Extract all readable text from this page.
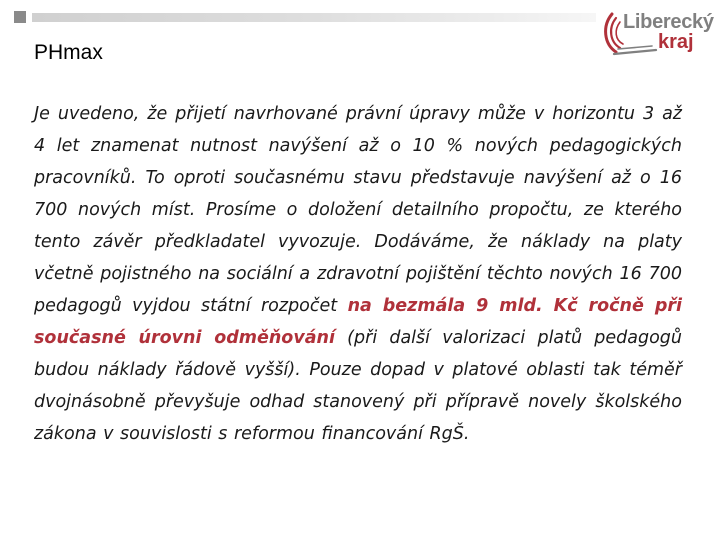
Liberecký
kraj
PHmax
Je uvedeno, že přijetí navrhované právní úpravy může v horizontu 3 až 4 let znamenat nutnost navýšení až o 10 % nových pedagogických pracovníků. To oproti současnému stavu představuje navýšení až o 16 700 nových míst. Prosíme o doložení detailního propočtu, ze kterého tento závěr předkladatel vyvozuje. Dodáváme, že náklady na platy včetně pojistného na sociální a zdravotní pojištění těchto nových 16 700 pedagogů vyjdou státní rozpočet na bezmála 9 mld. Kč ročně při současné úrovni odměňování (při další valorizaci platů pedagogů budou náklady řádově vyšší). Pouze dopad v platové oblasti tak téměř dvojnásobně převyšuje odhad stanovený při přípravě novely školského zákona v souvislosti s reformou financování RgŠ.
